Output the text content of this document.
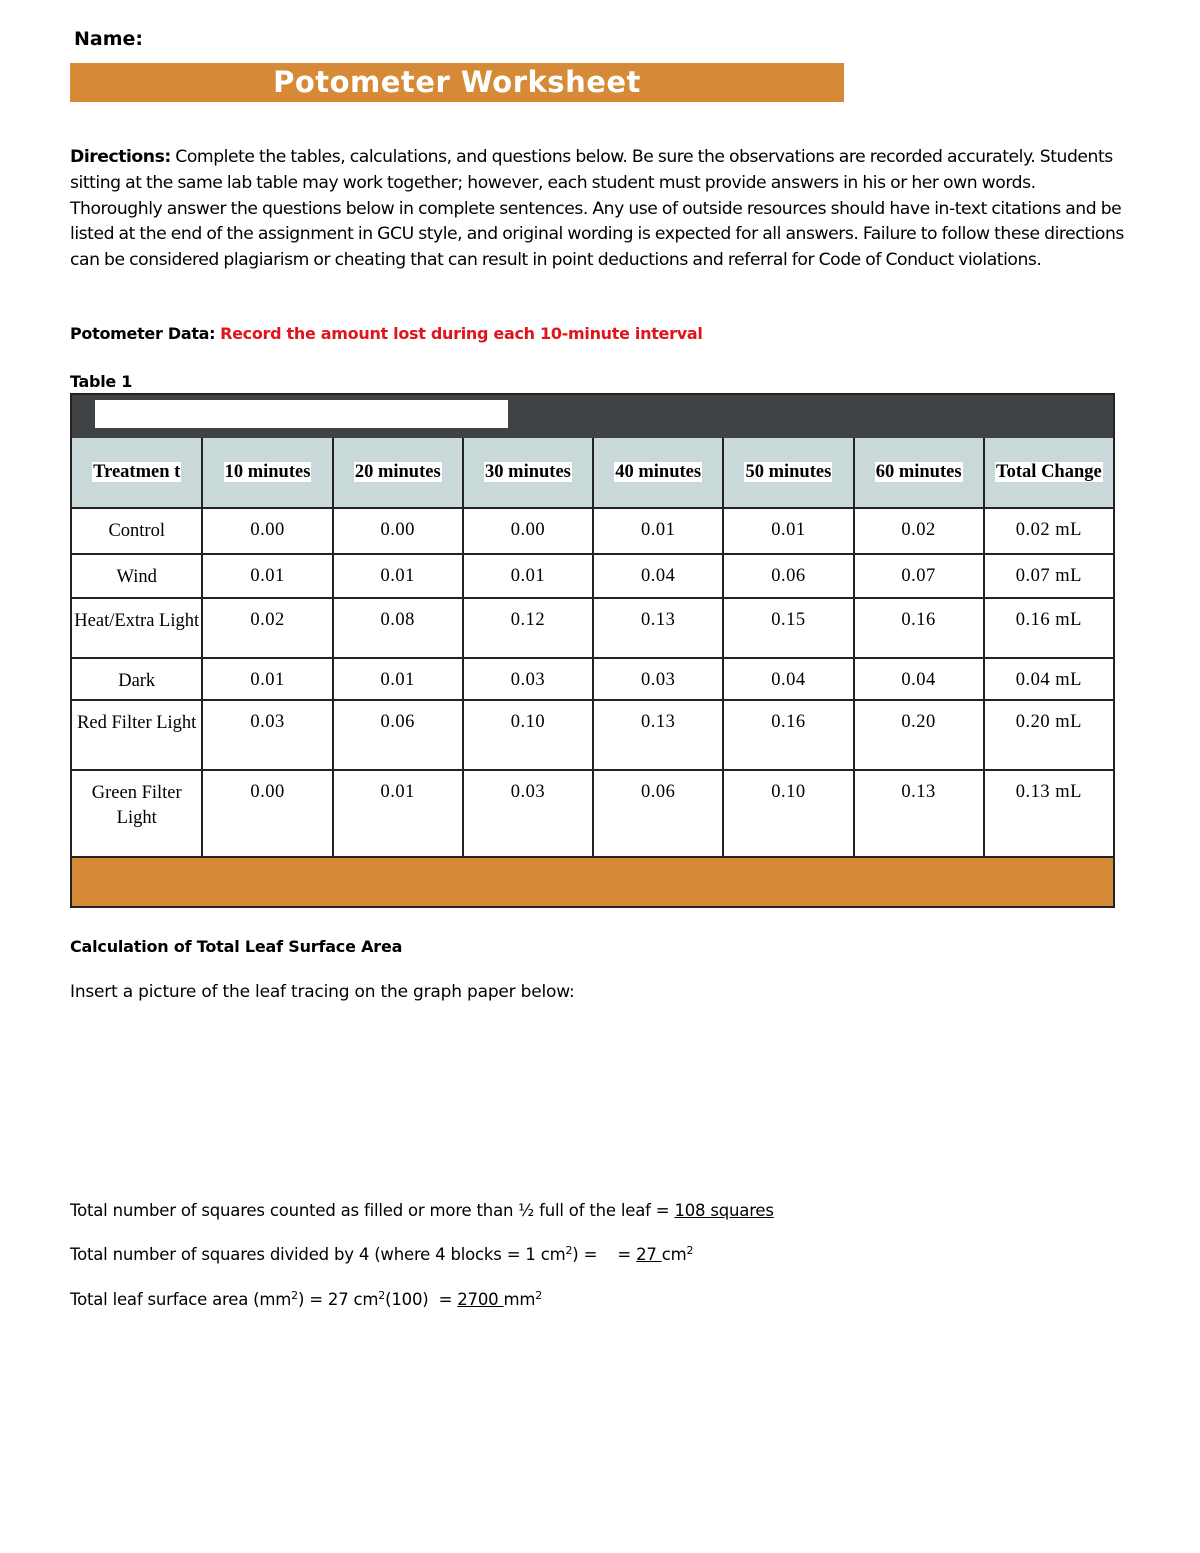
Name:
Potometer Worksheet
Directions: Complete the tables, calculations, and questions below. Be sure the observations are recorded accurately. Students sitting at the same lab table may work together; however, each student must provide answers in his or her own words. Thoroughly answer the questions below in complete sentences. Any use of outside resources should have in-text citations and be listed at the end of the assignment in GCU style, and original wording is expected for all answers. Failure to follow these directions can be considered plagiarism or cheating that can result in point deductions and referral for Code of Conduct violations.
Potometer Data: Record the amount lost during each 10-minute interval
Table 1
Treatmen t	10 minutes	20 minutes	30 minutes	40 minutes	50 minutes	60 minutes	Total Change
Control	0.00	0.00	0.00	0.01	0.01	0.02	0.02 mL
Wind	0.01	0.01	0.01	0.04	0.06	0.07	0.07 mL
Heat/Extra Light	0.02	0.08	0.12	0.13	0.15	0.16	0.16 mL
Dark	0.01	0.01	0.03	0.03	0.04	0.04	0.04 mL
Red Filter Light	0.03	0.06	0.10	0.13	0.16	0.20	0.20 mL
Green Filter Light	0.00	0.01	0.03	0.06	0.10	0.13	0.13 mL
Calculation of Total Leaf Surface Area
Insert a picture of the leaf tracing on the graph paper below:
Total number of squares counted as filled or more than ½ full of the leaf = 108 squares
Total number of squares divided by 4 (where 4 blocks = 1 $cm^2$) =    = 27 $cm^2$
Total leaf surface area $(mm^2) = 27$ $cm^2(100) = 2700$ $mm^2$
